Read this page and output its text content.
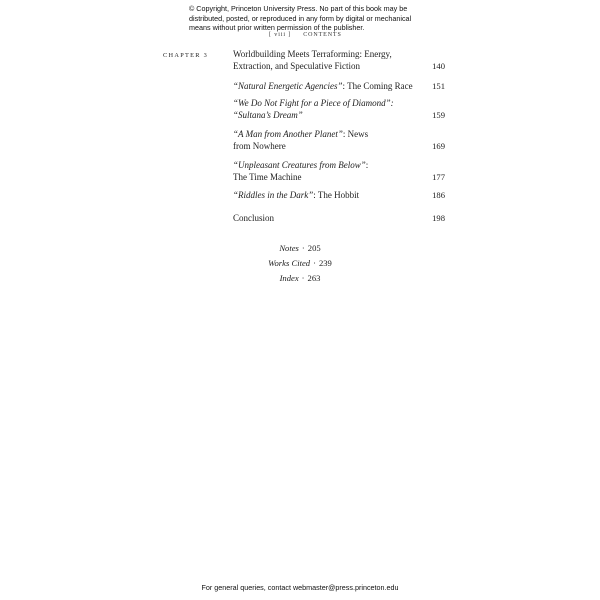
© Copyright, Princeton University Press. No part of this book may be
distributed, posted, or reproduced in any form by digital or mechanical
means without prior written permission of the publisher.
[ viii ] CONTENTS
CHAPTER 3	Worldbuilding Meets Terraforming: Energy,
Extraction, and Speculative Fiction	140
“Natural Energetic Agencies”: The Coming Race	151
“We Do Not Fight for a Piece of Diamond”:
“Sultana’s Dream”	159
“A Man from Another Planet”: News
from Nowhere	169
“Unpleasant Creatures from Below”:
The Time Machine	177
“Riddles in the Dark”: The Hobbit	186
Conclusion	198
Notes · 205
Works Cited · 239
Index · 263
For general queries, contact webmaster@press.princeton.edu
